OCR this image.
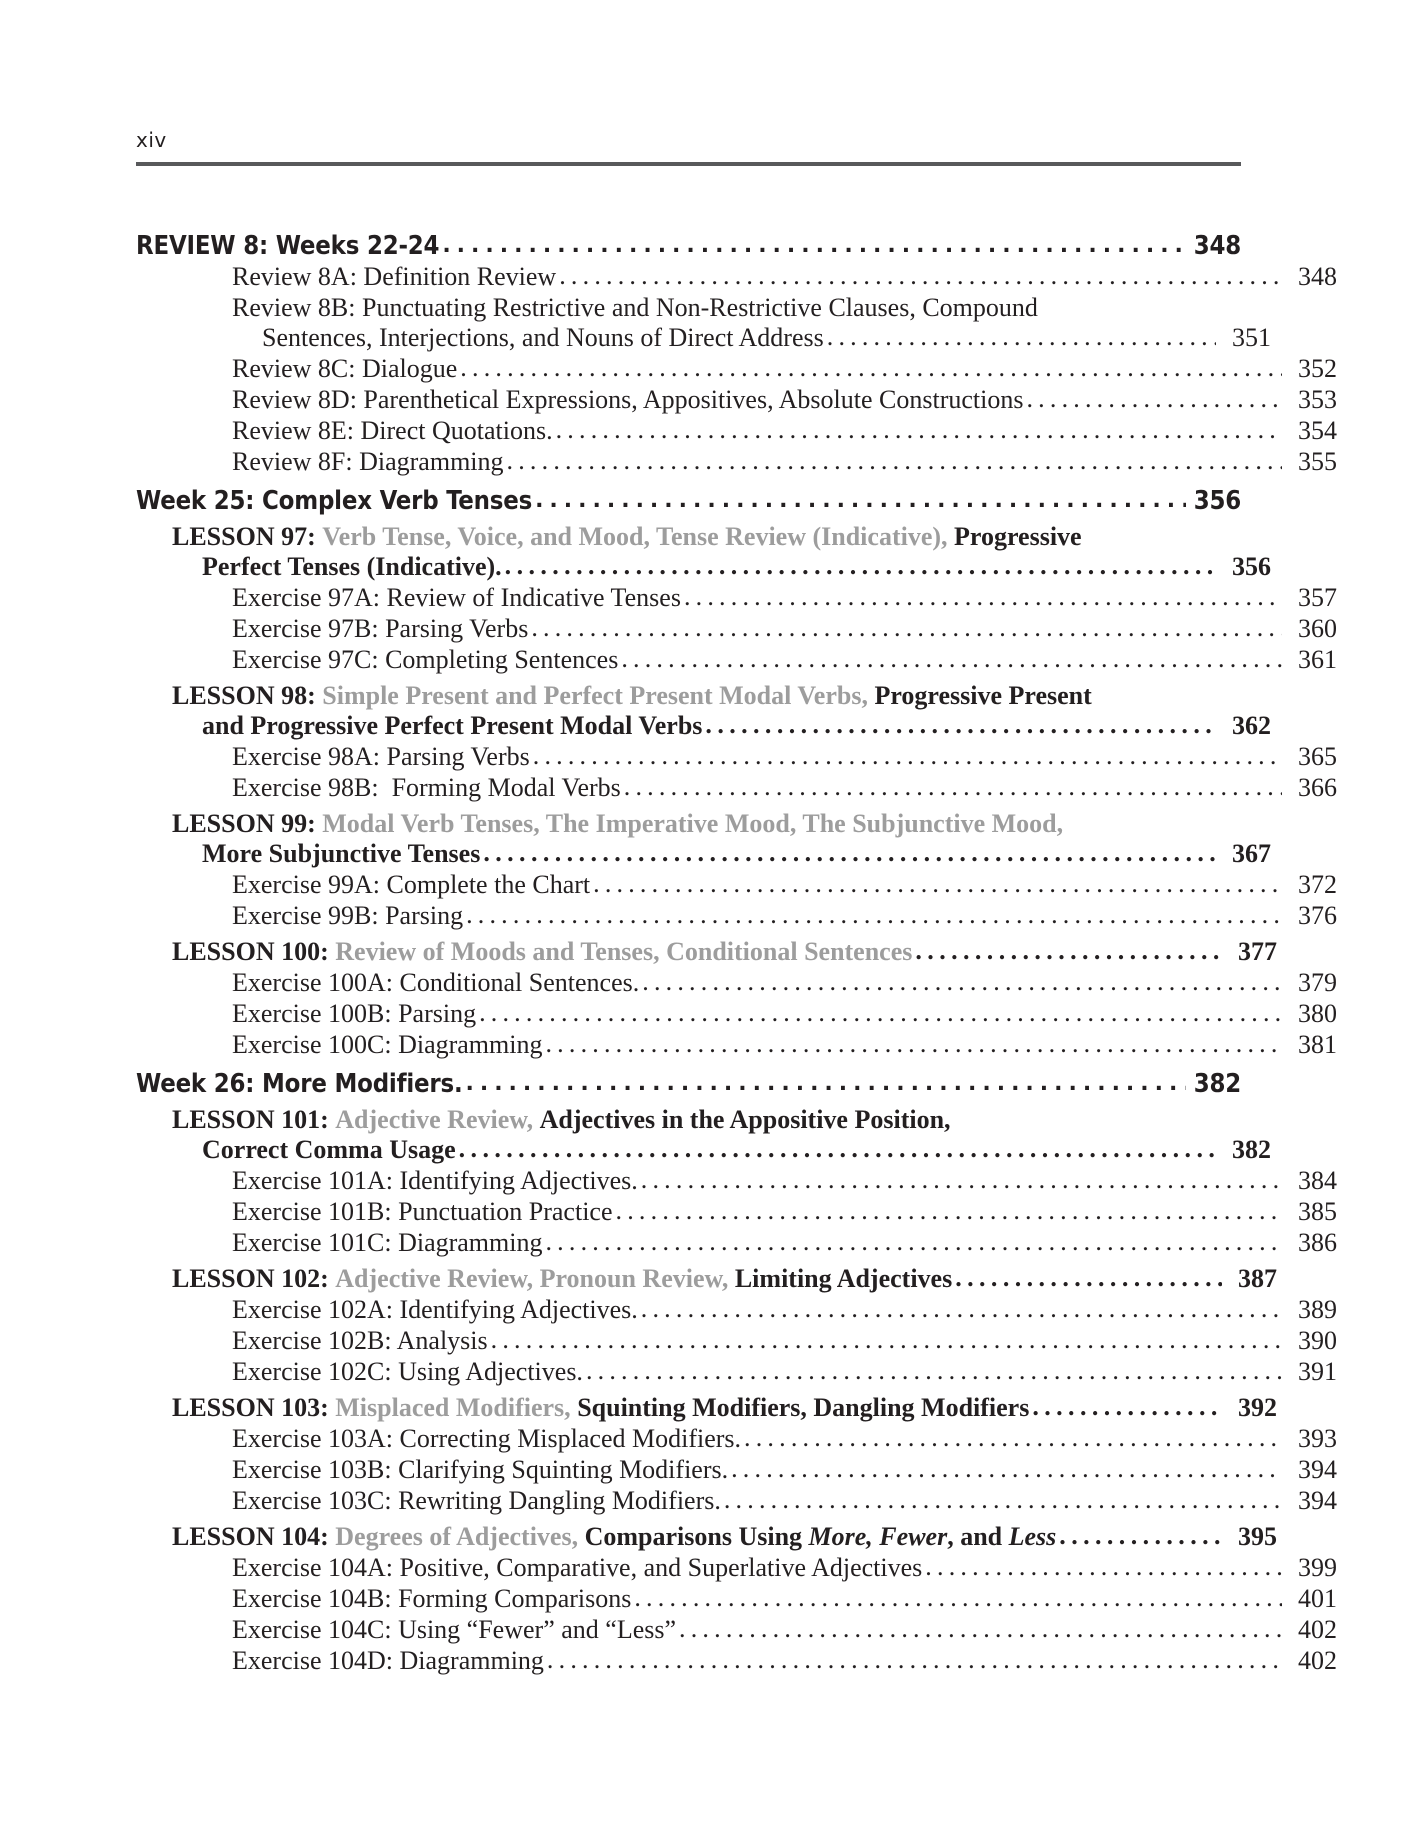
xiv
REVIEW 8: Weeks 22-24 .....	348
Review 8A: Definition Review .....	348
Review 8B: Punctuating Restrictive and Non-Restrictive Clauses, Compound
Sentences, Interjections, and Nouns of Direct Address .....	351
Review 8C: Dialogue .....	352
Review 8D: Parenthetical Expressions, Appositives, Absolute Constructions .....	353
Review 8E: Direct Quotations. .....	354
Review 8F: Diagramming .....	355
Week 25: Complex Verb Tenses .....	356
LESSON 97: Verb Tense, Voice, and Mood, Tense Review (Indicative), Progressive
Perfect Tenses (Indicative). .....	356
Exercise 97A: Review of Indicative Tenses .....	357
Exercise 97B: Parsing Verbs .....	360
Exercise 97C: Completing Sentences .....	361
LESSON 98: Simple Present and Perfect Present Modal Verbs, Progressive Present
and Progressive Perfect Present Modal Verbs .....	362
Exercise 98A: Parsing Verbs .....	365
Exercise 98B:  Forming Modal Verbs .....	366
LESSON 99: Modal Verb Tenses, The Imperative Mood, The Subjunctive Mood,
More Subjunctive Tenses .....	367
Exercise 99A: Complete the Chart .....	372
Exercise 99B: Parsing .....	376
LESSON 100: Review of Moods and Tenses, Conditional Sentences .....	377
Exercise 100A: Conditional Sentences. .....	379
Exercise 100B: Parsing .....	380
Exercise 100C: Diagramming .....	381
Week 26: More Modifiers. .....	382
LESSON 101: Adjective Review, Adjectives in the Appositive Position,
Correct Comma Usage .....	382
Exercise 101A: Identifying Adjectives. .....	384
Exercise 101B: Punctuation Practice .....	385
Exercise 101C: Diagramming .....	386
LESSON 102: Adjective Review, Pronoun Review, Limiting Adjectives .....	387
Exercise 102A: Identifying Adjectives. .....	389
Exercise 102B: Analysis .....	390
Exercise 102C: Using Adjectives. .....	391
LESSON 103: Misplaced Modifiers, Squinting Modifiers, Dangling Modifiers .....	392
Exercise 103A: Correcting Misplaced Modifiers. .....	393
Exercise 103B: Clarifying Squinting Modifiers. .....	394
Exercise 103C: Rewriting Dangling Modifiers. .....	394
LESSON 104: Degrees of Adjectives, Comparisons Using More, Fewer , and Less .....	395
Exercise 104A: Positive, Comparative, and Superlative Adjectives .....	399
Exercise 104B: Forming Comparisons .....	401
Exercise 104C: Using “Fewer” and “Less” .....	402
Exercise 104D: Diagramming .....	402
